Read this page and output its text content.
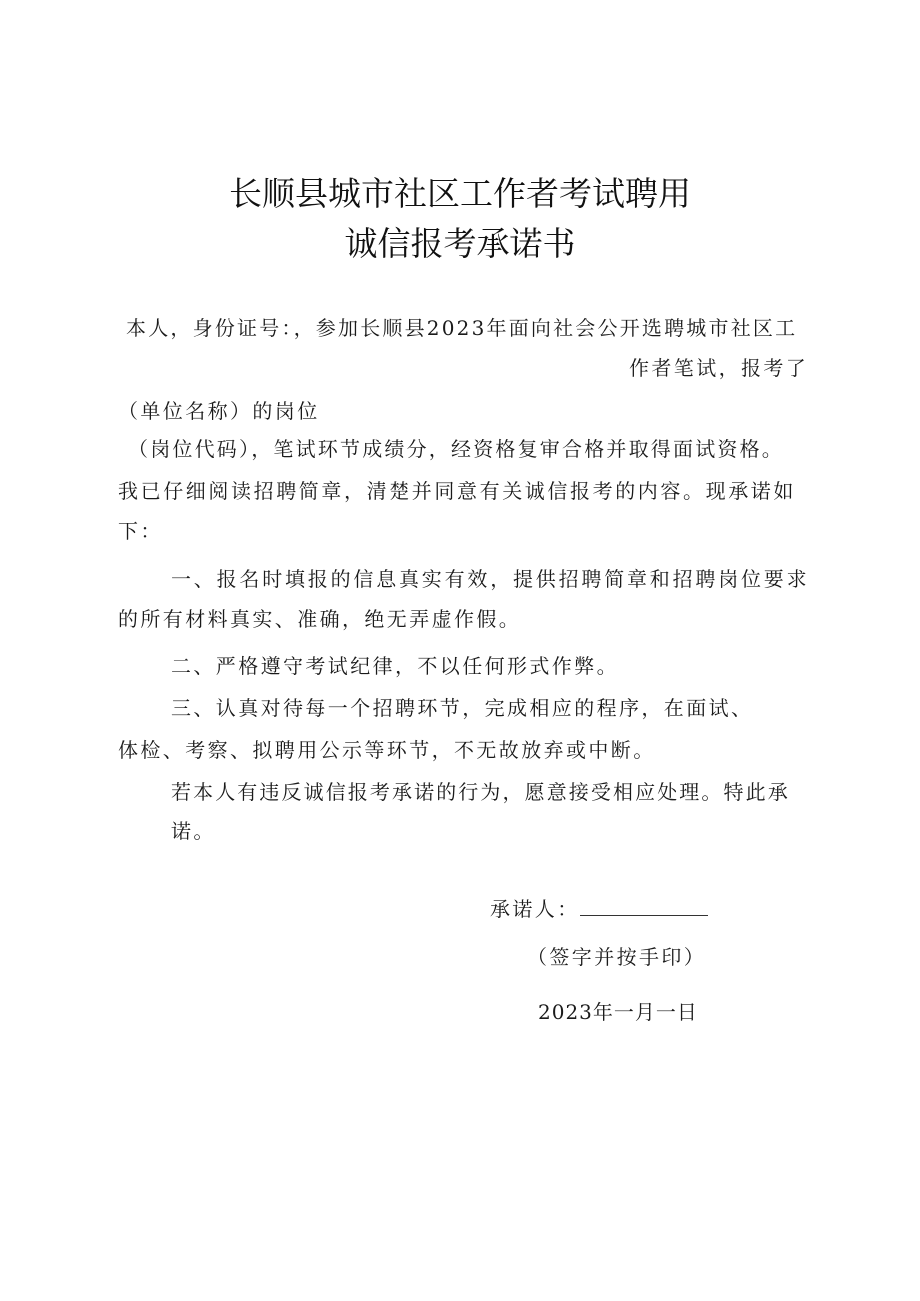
长顺县城市社区工作者考试聘用
诚信报考承诺书
本人，身份证号：，参加长顺县2023年面向社会公开选聘城市社区工
作者笔试，报考了
（单位名称）的岗位
（岗位代码），笔试环节成绩分，经资格复审合格并取得面试资格。
我已仔细阅读招聘简章，清楚并同意有关诚信报考的内容。现承诺如
下：
一、报名时填报的信息真实有效，提供招聘简章和招聘岗位要求
的所有材料真实、准确，绝无弄虚作假。
二、严格遵守考试纪律，不以任何形式作弊。
三、认真对待每一个招聘环节，完成相应的程序，在面试、
体检、考察、拟聘用公示等环节，不无故放弃或中断。
若本人有违反诚信报考承诺的行为，愿意接受相应处理。特此承
诺。
承诺人：
（签字并按手印）
2023年一月一日
